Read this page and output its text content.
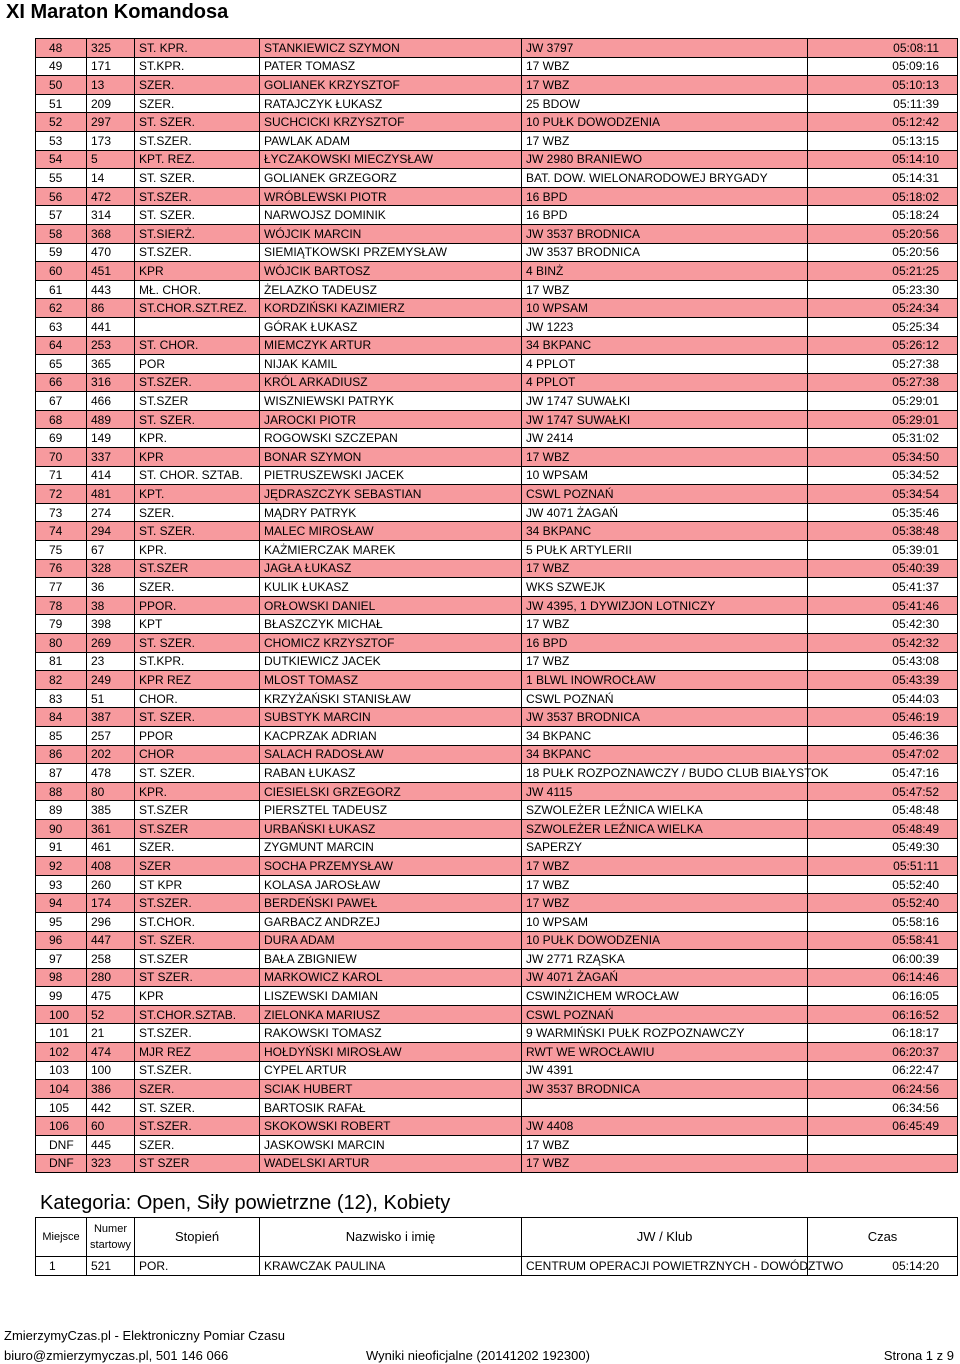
XI Maraton Komandosa
48	325	ST. KPR.	STANKIEWICZ SZYMON	JW 3797	05:08:11
49	171	ST.KPR.	PATER TOMASZ	17 WBZ	05:09:16
50	13	SZER.	GOLIANEK KRZYSZTOF	17 WBZ	05:10:13
51	209	SZER.	RATAJCZYK ŁUKASZ	25 BDOW	05:11:39
52	297	ST. SZER.	SUCHCICKI KRZYSZTOF	10 PUŁK DOWODZENIA	05:12:42
53	173	ST.SZER.	PAWLAK ADAM	17 WBZ	05:13:15
54	5	KPT. REZ.	ŁYCZAKOWSKI MIECZYSŁAW	JW 2980 BRANIEWO	05:14:10
55	14	ST. SZER.	GOLIANEK GRZEGORZ	BAT. DOW. WIELONARODOWEJ BRYGADY	05:14:31
56	472	ST.SZER.	WRÓBLEWSKI PIOTR	16 BPD	05:18:02
57	314	ST. SZER.	NARWOJSZ DOMINIK	16 BPD	05:18:24
58	368	ST.SIERŻ.	WÓJCIK MARCIN	JW 3537 BRODNICA	05:20:56
59	470	ST.SZER.	SIEMIĄTKOWSKI PRZEMYSŁAW	JW 3537 BRODNICA	05:20:56
60	451	KPR	WÓJCIK BARTOSZ	4 BINŻ	05:21:25
61	443	MŁ. CHOR.	ŻELAZKO TADEUSZ	17 WBZ	05:23:30
62	86	ST.CHOR.SZT.REZ.	KORDZIŃSKI KAZIMIERZ	10 WPSAM	05:24:34
63	441		GÓRAK ŁUKASZ	JW 1223	05:25:34
64	253	ST. CHOR.	MIEMCZYK ARTUR	34 BKPANC	05:26:12
65	365	POR	NIJAK KAMIL	4 PPLOT	05:27:38
66	316	ST.SZER.	KRÓL ARKADIUSZ	4 PPLOT	05:27:38
67	466	ST.SZER	WISZNIEWSKI PATRYK	JW 1747 SUWAŁKI	05:29:01
68	489	ST. SZER.	JAROCKI PIOTR	JW 1747 SUWAŁKI	05:29:01
69	149	KPR.	ROGOWSKI SZCZEPAN	JW 2414	05:31:02
70	337	KPR	BONAR SZYMON	17 WBZ	05:34:50
71	414	ST. CHOR. SZTAB.	PIETRUSZEWSKI JACEK	10 WPSAM	05:34:52
72	481	KPT.	JĘDRASZCZYK SEBASTIAN	CSWL POZNAŃ	05:34:54
73	274	SZER.	MĄDRY PATRYK	JW 4071 ŻAGAŃ	05:35:46
74	294	ST. SZER.	MALEC MIROSŁAW	34 BKPANC	05:38:48
75	67	KPR.	KAŻMIERCZAK MAREK	5 PUŁK ARTYLERII	05:39:01
76	328	ST.SZER	JAGŁA ŁUKASZ	17 WBZ	05:40:39
77	36	SZER.	KULIK ŁUKASZ	WKS SZWEJK	05:41:37
78	38	PPOR.	ORŁOWSKI DANIEL	JW 4395, 1 DYWIZJON LOTNICZY	05:41:46
79	398	KPT	BŁASZCZYK MICHAŁ	17 WBZ	05:42:30
80	269	ST. SZER.	CHOMICZ KRZYSZTOF	16 BPD	05:42:32
81	23	ST.KPR.	DUTKIEWICZ JACEK	17 WBZ	05:43:08
82	249	KPR REZ	MLOST TOMASZ	1 BLWL INOWROCŁAW	05:43:39
83	51	CHOR.	KRZYŻAŃSKI STANISŁAW	CSWL POZNAŃ	05:44:03
84	387	ST. SZER.	SUBSTYK MARCIN	JW 3537 BRODNICA	05:46:19
85	257	PPOR	KACPRZAK ADRIAN	34 BKPANC	05:46:36
86	202	CHOR	SALACH RADOSŁAW	34 BKPANC	05:47:02
87	478	ST. SZER.	RABAN ŁUKASZ	18 PUŁK ROZPOZNAWCZY / BUDO CLUB BIAŁYSTOK	05:47:16
88	80	KPR.	CIESIELSKI GRZEGORZ	JW 4115	05:47:52
89	385	ST.SZER	PIERSZTEL TADEUSZ	SZWOLEŻER LEŹNICA WIELKA	05:48:48
90	361	ST.SZER	URBAŃSKI ŁUKASZ	SZWOLEŻER LEŹNICA WIELKA	05:48:49
91	461	SZER.	ZYGMUNT MARCIN	SAPERZY	05:49:30
92	408	SZER	SOCHA PRZEMYSŁAW	17 WBZ	05:51:11
93	260	ST KPR	KOLASA JAROSŁAW	17 WBZ	05:52:40
94	174	ST.SZER.	BERDEŃSKI PAWEŁ	17 WBZ	05:52:40
95	296	ST.CHOR.	GARBACZ ANDRZEJ	10 WPSAM	05:58:16
96	447	ST. SZER.	DURA ADAM	10 PUŁK DOWODZENIA	05:58:41
97	258	ST.SZER	BAŁA ZBIGNIEW	JW 2771 RZĄSKA	06:00:39
98	280	ST SZER.	MARKOWICZ KAROL	JW 4071 ŻAGAŃ	06:14:46
99	475	KPR	LISZEWSKI DAMIAN	CSWINŻICHEM WROCŁAW	06:16:05
100	52	ST.CHOR.SZTAB.	ZIELONKA MARIUSZ	CSWL POZNAŃ	06:16:52
101	21	ST.SZER.	RAKOWSKI TOMASZ	9 WARMIŃSKI PUŁK ROZPOZNAWCZY	06:18:17
102	474	MJR REZ	HOŁDYŃSKI MIROSŁAW	RWT WE WROCŁAWIU	06:20:37
103	100	ST.SZER.	CYPEL ARTUR	JW 4391	06:22:47
104	386	SZER.	SCIAK HUBERT	JW 3537 BRODNICA	06:24:56
105	442	ST. SZER.	BARTOSIK RAFAŁ		06:34:56
106	60	ST.SZER.	SKOKOWSKI ROBERT	JW 4408	06:45:49
DNF	445	SZER.	JASKOWSKI MARCIN	17 WBZ	
DNF	323	ST SZER	WADELSKI ARTUR	17 WBZ	
Kategoria: Open, Siły powietrzne (12), Kobiety
Miejsce	Numer startowy	Stopień	Nazwisko i imię	JW / Klub	Czas
1	521	POR.	KRAWCZAK PAULINA	CENTRUM OPERACJI POWIETRZNYCH - DOWÓDZTWO	05:14:20
ZmierzymyCzas.pl - Elektroniczny Pomiar Czasu
biuro@zmierzymyczas.pl, 501 146 066	Wyniki nieoficjalne (20141202 192300)	Strona 1 z 9
